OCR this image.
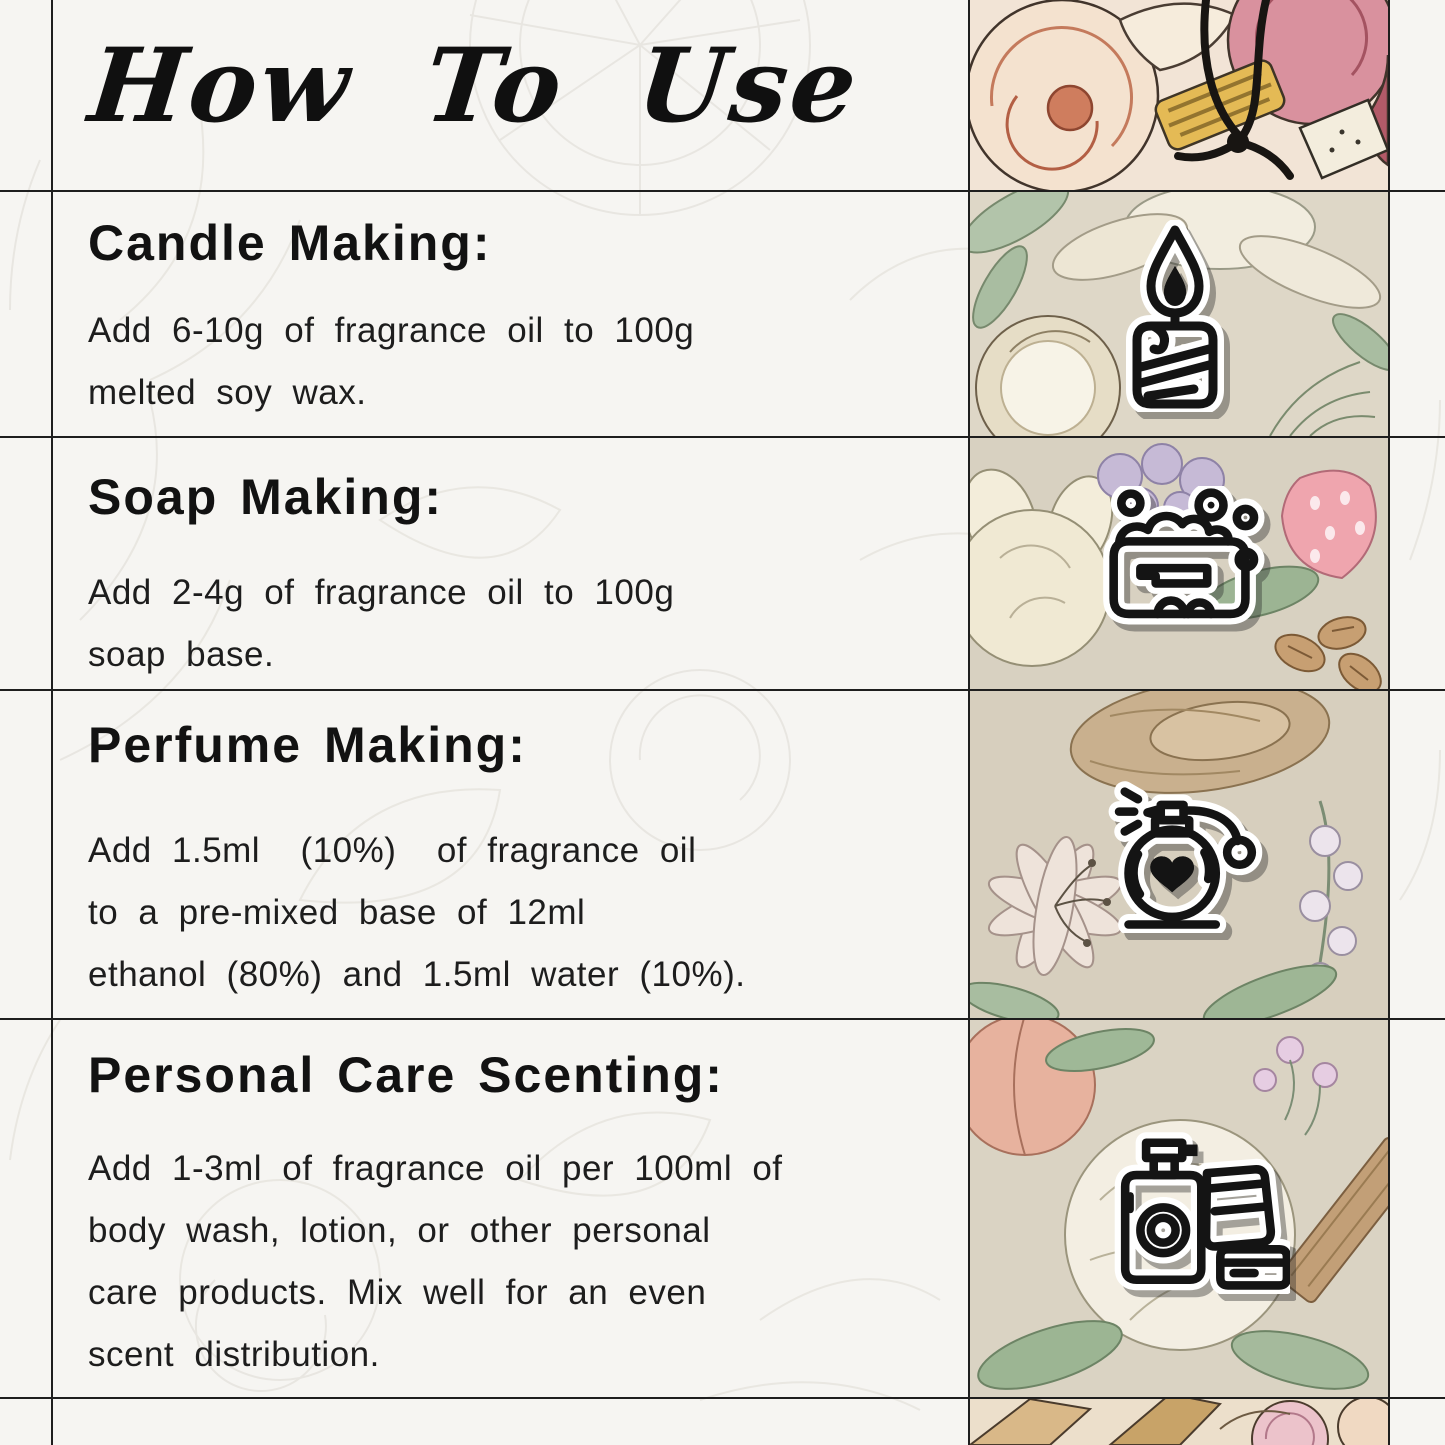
How To Use
Candle Making:
Add 6-10g of fragrance oil to 100g
melted soy wax.
Soap Making:
Add 2-4g of fragrance oil to 100g
soap base.
Perfume Making:
Add 1.5ml  (10%)  of fragrance oil
to a pre-mixed base of 12ml
ethanol (80%) and 1.5ml water (10%).
Personal Care Scenting:
Add 1-3ml of fragrance oil per 100ml of
body wash, lotion, or other personal
care products. Mix well for an even
scent distribution.
